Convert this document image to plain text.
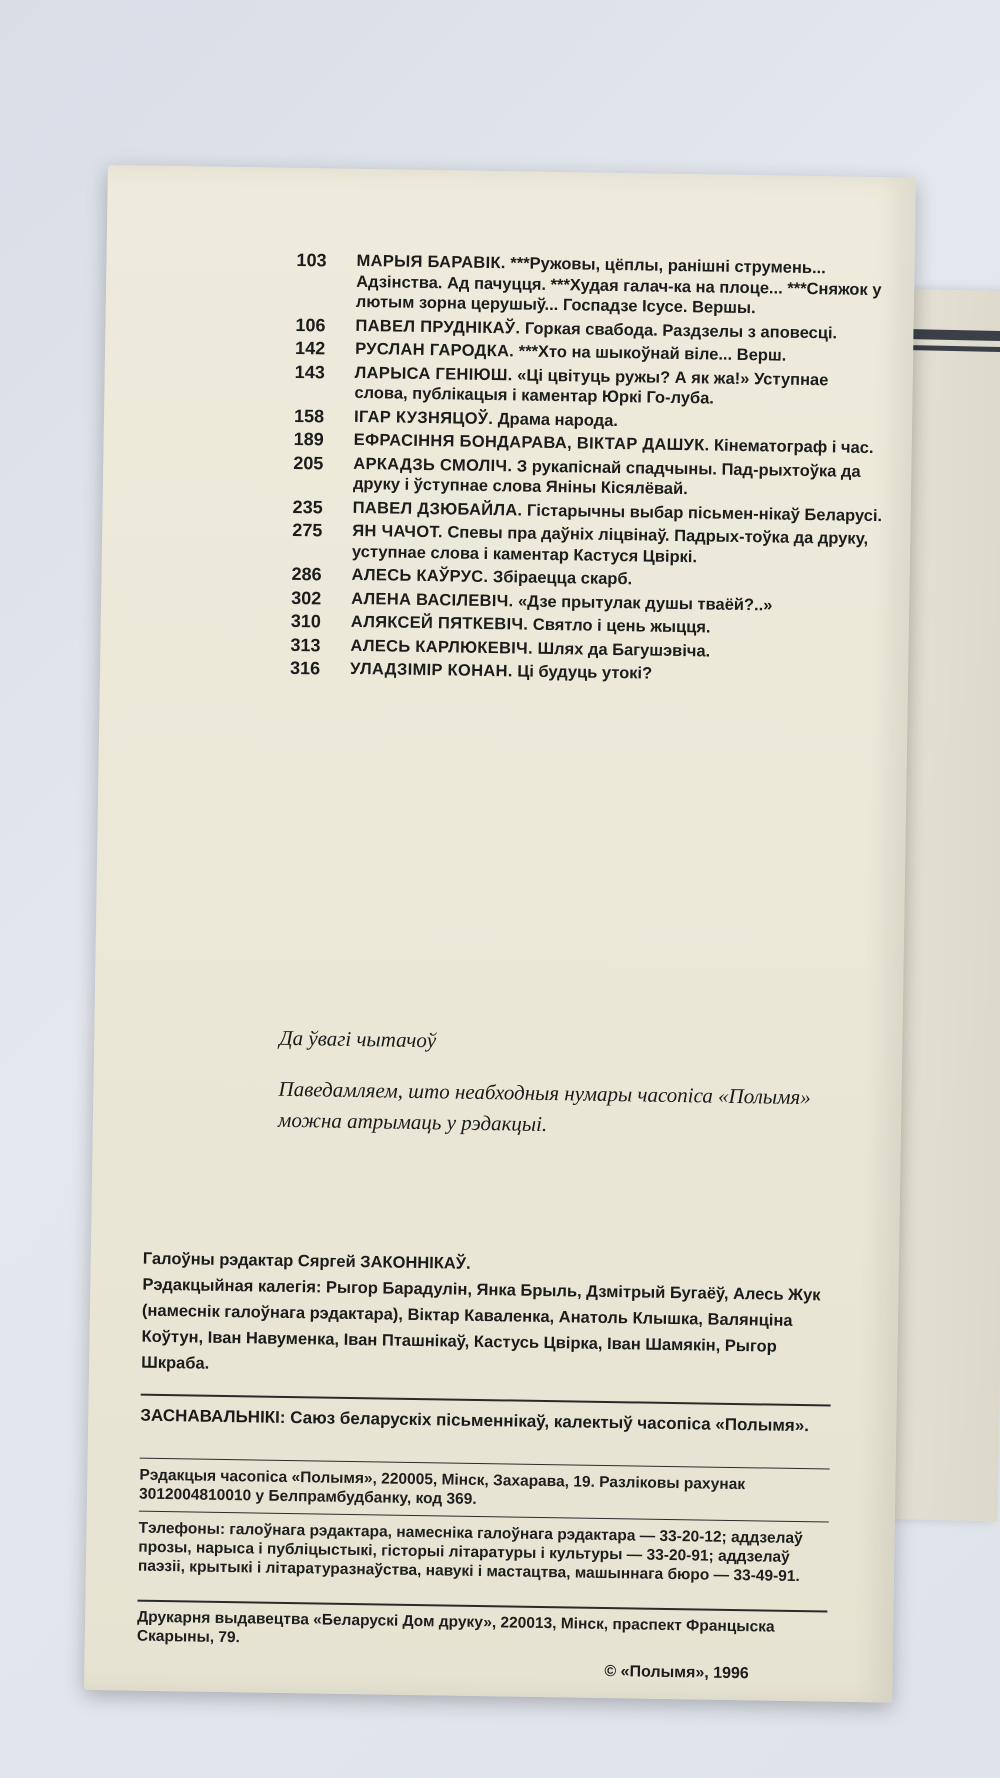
103 МАРЫЯ БАРАВІК. ***Ружовы, цёплы, ранішні струмень... Адзінства. Ад пачуцця. ***Худая галач-ка на плоце... ***Сняжок у лютым зорна церушыў... Госпадзе Ісусе. Вершы.
106 ПАВЕЛ ПРУДНІКАЎ. Горкая свабода. Раздзелы з аповесці.
142 РУСЛАН ГАРОДКА. ***Хто на шыкоўнай віле... Верш.
143 ЛАРЫСА ГЕНІЮШ. «Ці цвітуць ружы? А як жа!» Уступнае слова, публікацыя і каментар Юркі Го-луба.
158 ІГАР КУЗНЯЦОЎ. Драма народа.
189 ЕФРАСІННЯ БОНДАРАВА, ВІКТАР ДАШУК. Кінематограф і час.
205 АРКАДЗЬ СМОЛІЧ. З рукапіснай спадчыны. Пад-рыхтоўка да друку і ўступнае слова Яніны Кісялёвай.
235 ПАВЕЛ ДЗЮБАЙЛА. Гістарычны выбар пісьмен-нікаў Беларусі.
275 ЯН ЧАЧОТ. Спевы пра даўніх ліцвінаў. Падрых-тоўка да друку, уступнае слова і каментар Кастуся Цвіркі.
286 АЛЕСЬ КАЎРУС. Збіраецца скарб.
302 АЛЕНА ВАСІЛЕВІЧ. «Дзе прытулак душы тваёй?..»
310 АЛЯКСЕЙ ПЯТКЕВІЧ. Святло і цень жыцця.
313 АЛЕСЬ КАРЛЮКЕВІЧ. Шлях да Багушэвіча.
316 УЛАДЗІМІР КОНАН. Ці будуць утокі?
Да ўвагі чытачоў
Паведамляем, што неабходныя нумары часопіса «Полымя» можна атрымаць у рэдакцыі.
Галоўны рэдактар Сяргей ЗАКОННІКАЎ.
Рэдакцыйная калегія: Рыгор Барадулін, Янка Брыль, Дзмітрый Бугаёў, Алесь Жук (намеснік галоўнага рэдактара), Віктар Каваленка, Анатоль Клышка, Валянціна Коўтун, Іван Навуменка, Іван Пташнікаў, Кастусь Цвірка, Іван Шамякін, Рыгор Шкраба.
ЗАСНАВАЛЬНІКІ: Саюз беларускіх пісьменнікаў, калектыў часопіса «Полымя».
Рэдакцыя часопіса «Полымя», 220005, Мінск, Захарава, 19. Разліковы рахунак 3012004810010 у Белпрамбудбанку, код 369.
Тэлефоны: галоўнага рэдактара, намесніка галоўнага рэдактара — 33-20-12; аддзелаў прозы, нарыса і публіцыстыкі, гісторыі літаратуры і культуры — 33-20-91; аддзелаў паэзіі, крытыкі і літаратуразнаўства, навукі і мастацтва, машыннага бюро — 33-49-91.
Друкарня выдавецтва «Беларускі Дом друку», 220013, Мінск, праспект Францыска Скарыны, 79.
© «Полымя», 1996
